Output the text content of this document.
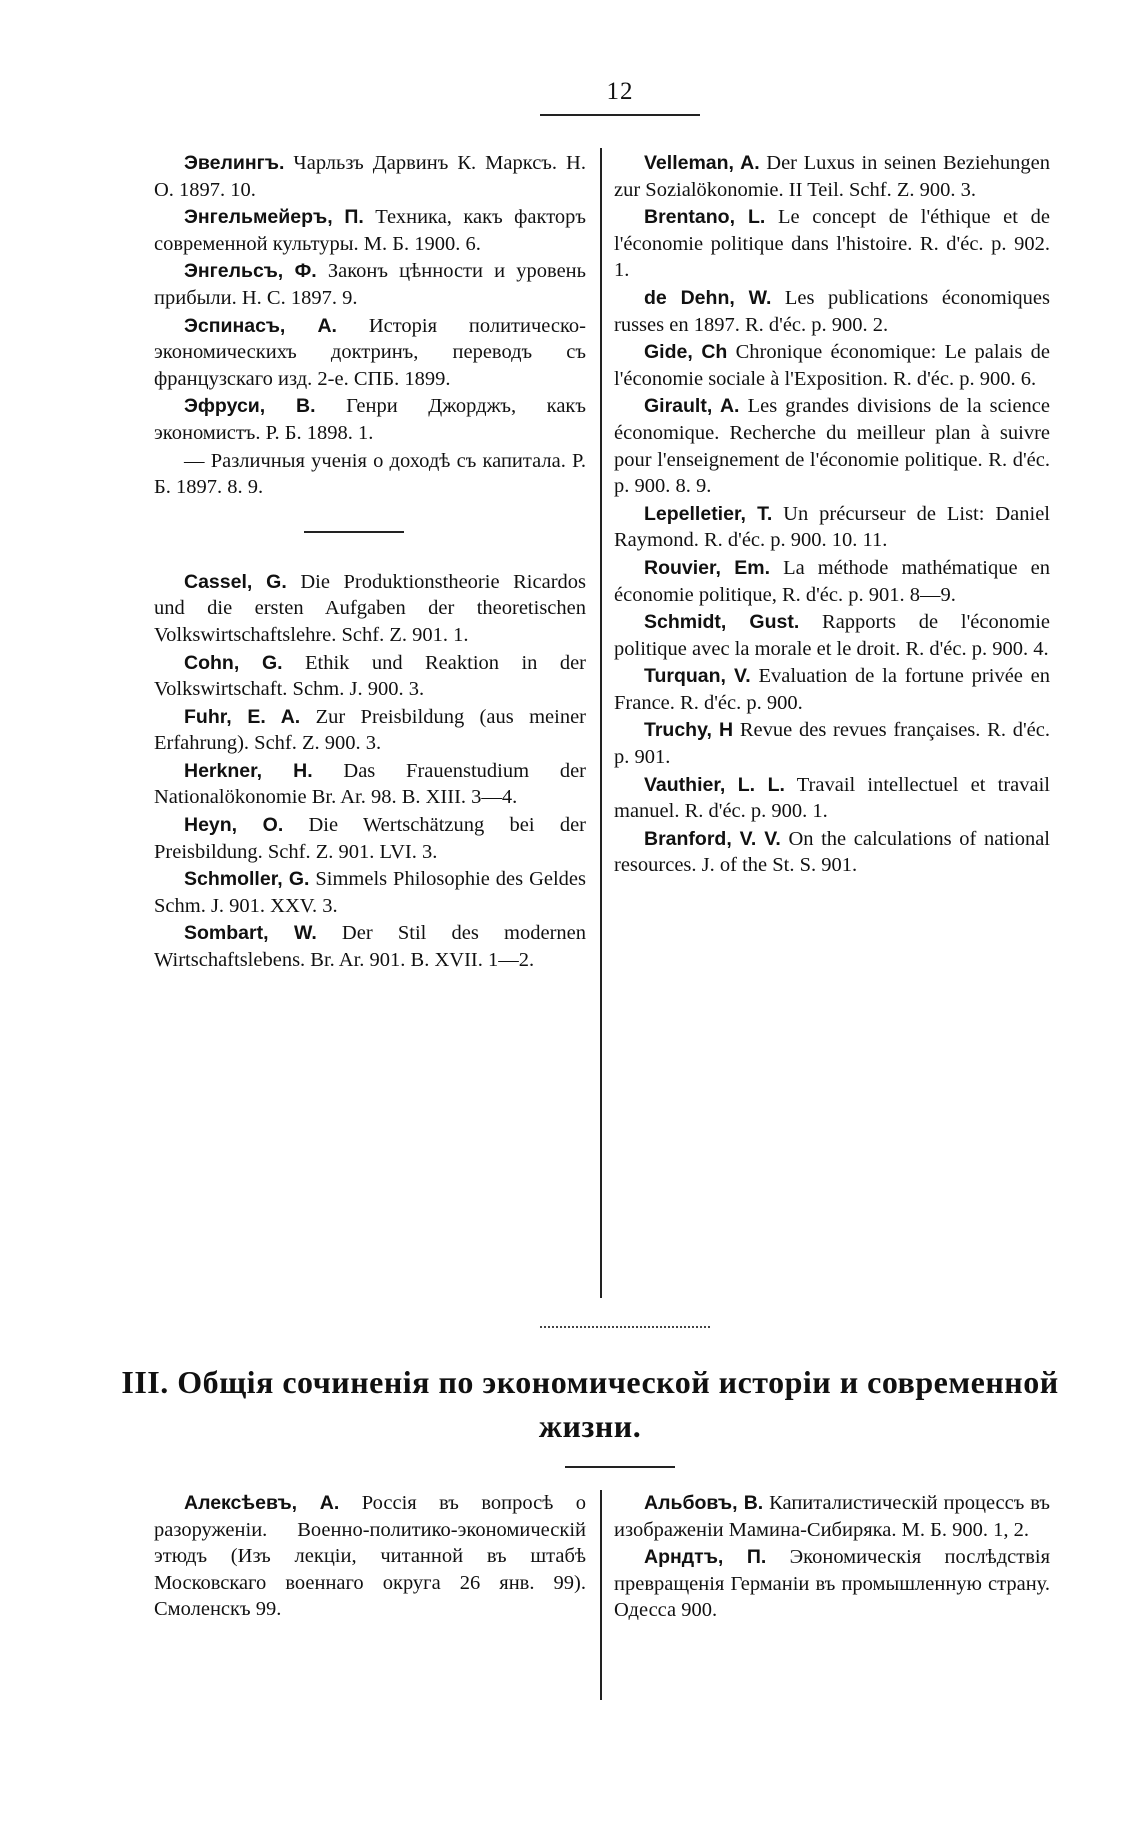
12

Эвелингъ. Чарльзъ Дарвинъ К. Марксъ. Н. О. 1897. 10.

Энгельмейеръ, П. Техника, какъ факторъ современной культуры. М. Б. 1900. 6.

Энгельсъ, Ф. Законъ цѣнности и уровень прибыли. Н. С. 1897. 9.

Эспинасъ, А. Исторія политическо-экономическихъ доктринъ, переводъ съ французскаго изд. 2-е. СПБ. 1899.

Эфруси, В. Генри Джорджъ, какъ экономистъ. Р. Б. 1898. 1.

— Различныя ученія о доходѣ съ капитала. Р. Б. 1897. 8. 9.

Cassel, G. Die Produktionstheorie Ricardos und die ersten Aufgaben der theoretischen Volkswirtschaftslehre. Schf. Z. 901. 1.

Cohn, G. Ethik und Reaktion in der Volkswirtschaft. Schm. J. 900. 3.

Fuhr, E. A. Zur Preisbildung (aus meiner Erfahrung). Schf. Z. 900. 3.

Herkner, H. Das Frauenstudium der Nationalökonomie Br. Ar. 98. B. XIII. 3—4.

Heyn, O. Die Wertschätzung bei der Preisbildung. Schf. Z. 901. LVI. 3.

Schmoller, G. Simmels Philosophie des Geldes Schm. J. 901. XXV. 3.

Sombart, W. Der Stil des modernen Wirtschaftslebens. Br. Ar. 901. B. XVII. 1—2.

Velleman, A. Der Luxus in seinen Beziehungen zur Sozialökonomie. II Teil. Schf. Z. 900. 3.

Brentano, L. Le concept de l'éthique et de l'économie politique dans l'histoire. R. d'éc. p. 902. 1.

de Dehn, W. Les publications économiques russes en 1897. R. d'éc. p. 900. 2.

Gide, Ch Chronique économique: Le palais de l'économie sociale à l'Exposition. R. d'éc. p. 900. 6.

Girault, A. Les grandes divisions de la science économique. Recherche du meilleur plan à suivre pour l'enseignement de l'économie politique. R. d'éc. p. 900. 8. 9.

Lepelletier, T. Un précurseur de List: Daniel Raymond. R. d'éc. p. 900. 10. 11.

Rouvier, Em. La méthode mathématique en économie politique, R. d'éc. p. 901. 8—9.

Schmidt, Gust. Rapports de l'économie politique avec la morale et le droit. R. d'éc. p. 900. 4.

Turquan, V. Evaluation de la fortune privée en France. R. d'éc. p. 900.

Truchy, H Revue des revues françaises. R. d'éc. p. 901.

Vauthier, L. L. Travail intellectuel et travail manuel. R. d'éc. p. 900. 1.

Branford, V. V. On the calculations of national resources. J. of the St. S. 901.

III. Общія сочиненія по экономической исторіи и современной жизни.

Алексѣевъ, А. Россія въ вопросѣ о разоруженіи. Военно-политико-экономическій этюдъ (Изъ лекціи, читанной въ штабѣ Московскаго военнаго округа 26 янв. 99). Смоленскъ 99.

Альбовъ, В. Капиталистическій процессъ въ изображеніи Мамина-Сибиряка. М. Б. 900. 1, 2.

Арндтъ, П. Экономическія послѣдствія превращенія Германіи въ промышленную страну. Одесса 900.
